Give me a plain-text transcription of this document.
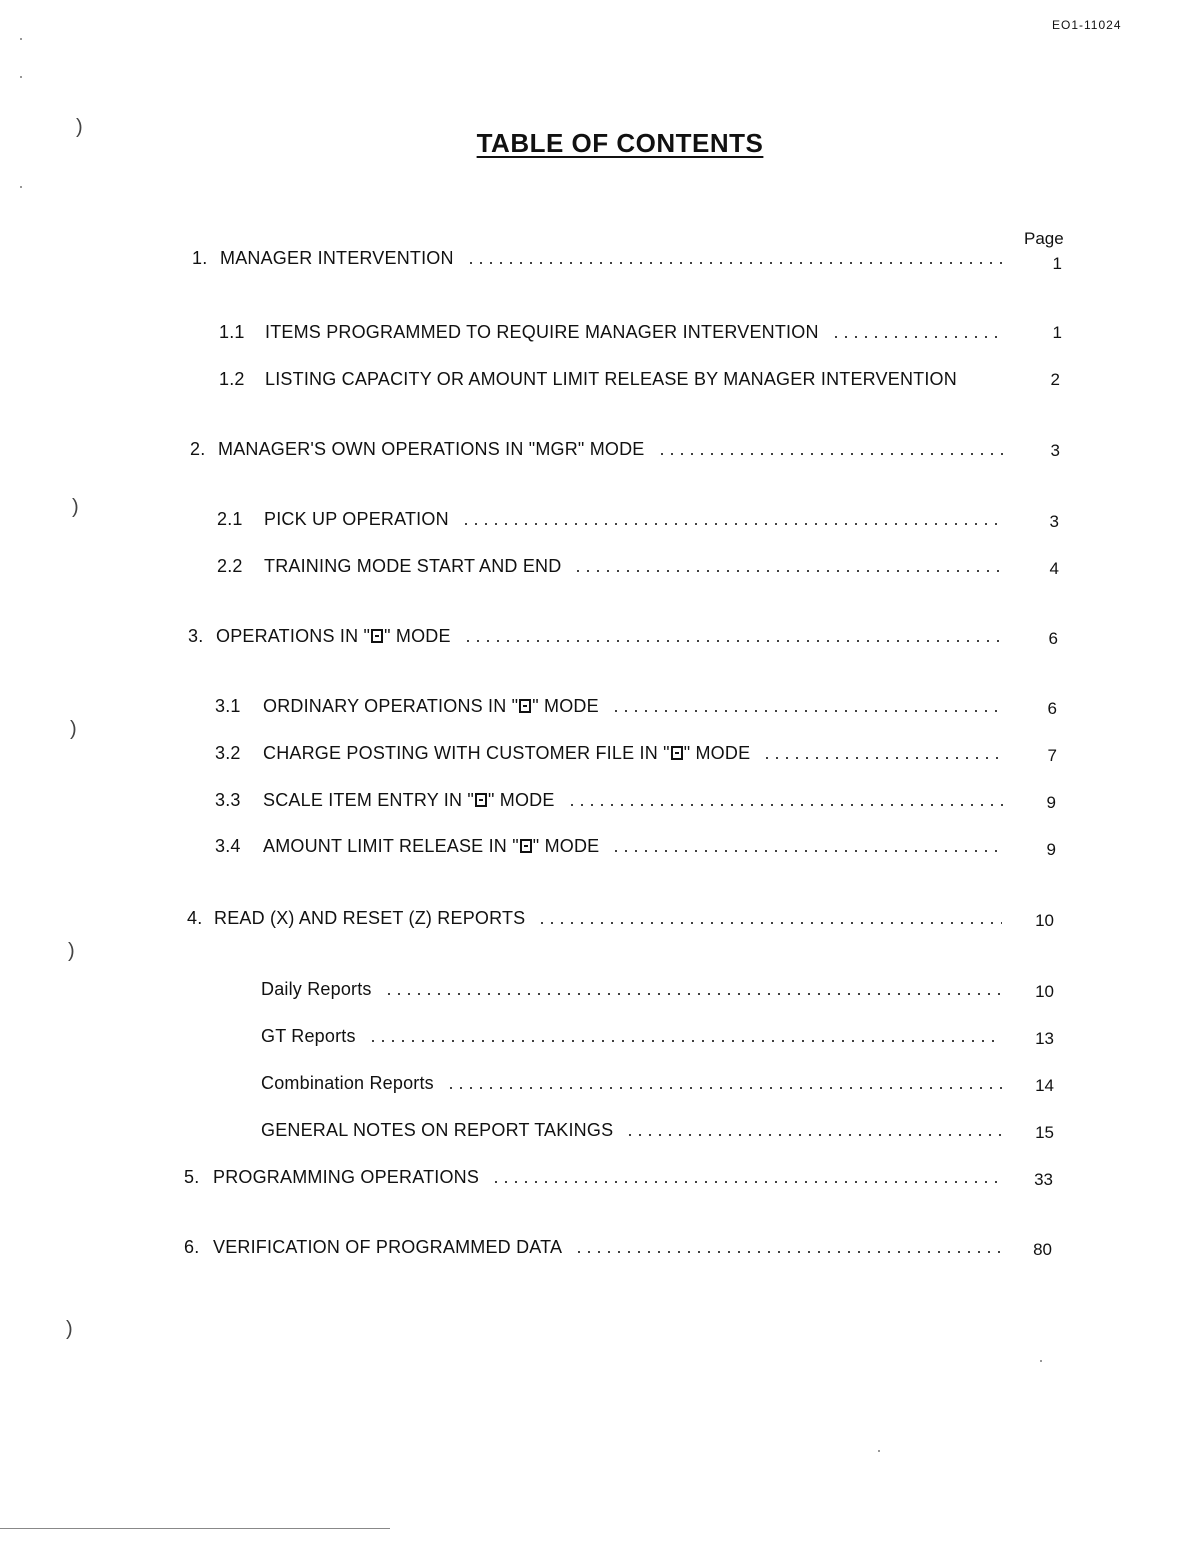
EO1-11024
TABLE OF CONTENTS
Page
1. MANAGER INTERVENTION	1
1.1	ITEMS PROGRAMMED TO REQUIRE MANAGER INTERVENTION	1
1.2	LISTING CAPACITY OR AMOUNT LIMIT RELEASE BY MANAGER INTERVENTION	2
2. MANAGER'S OWN OPERATIONS IN "MGR" MODE	3
2.1	PICK UP OPERATION	3
2.2	TRAINING MODE START AND END	4
3. OPERATIONS IN " " MODE	6
3.1	ORDINARY OPERATIONS IN " " MODE	6
3.2	CHARGE POSTING WITH CUSTOMER FILE IN " " MODE	7
3.3	SCALE ITEM ENTRY IN " " MODE	9
3.4	AMOUNT LIMIT RELEASE IN " " MODE	9
4. READ (X) AND RESET (Z) REPORTS	10
Daily Reports	10
GT Reports	13
Combination Reports	14
GENERAL NOTES ON REPORT TAKINGS	15
5. PROGRAMMING OPERATIONS	33
6. VERIFICATION OF PROGRAMMED DATA	80
)
)
)
)
)
